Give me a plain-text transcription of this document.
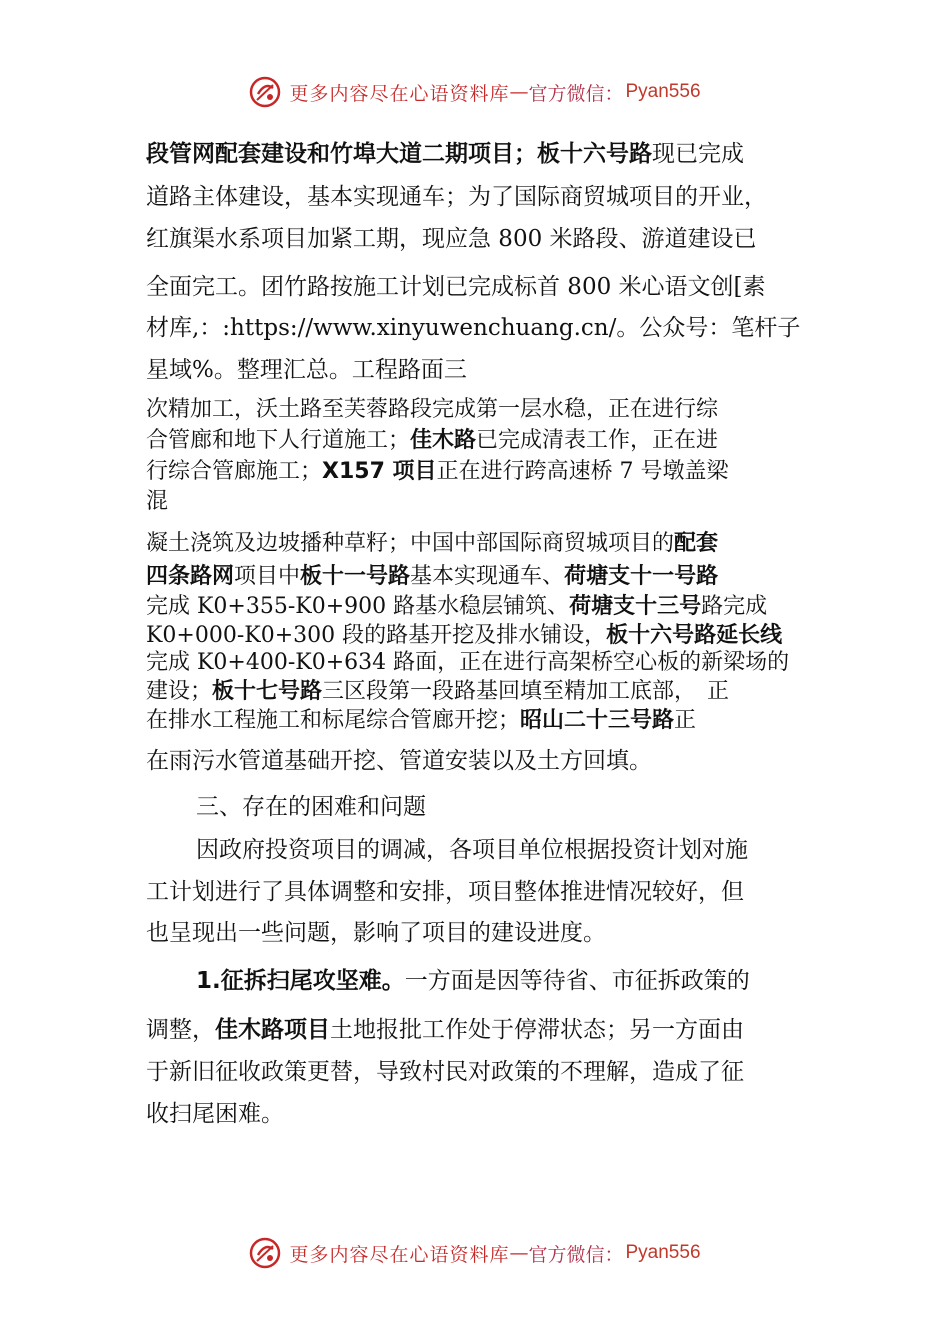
更多内容尽在心语资料库 — 官方微信： Pyan556
段管网配套建设和竹埠大道二期项目；板十六号路现已完成
道路主体建设，基本实现通车；为了国际商贸城项目的开业，
红旗渠水系项目加紧工期，现应急 800 米路段、游道建设已
全面完工。团竹路按施工计划已完成标首 800 米心语文创[素
材库,：:https://www.xinyuwenchuang.cn/。公众号：笔杆子
星域%。整理汇总。工程路面三
次精加工，沃土路至芙蓉路段完成第一层水稳，正在进行综
合管廊和地下人行道施工；佳木路已完成清表工作，正在进
行综合管廊施工；X157 项目正在进行跨高速桥 7 号墩盖梁
混
凝土浇筑及边坡播种草籽；中国中部国际商贸城项目的配套
四条路网项目中板十一号路基本实现通车、荷塘支十一号路
完成 K0+355-K0+900 路基水稳层铺筑、荷塘支十三号路完成
K0+000-K0+300 段的路基开挖及排水铺设，板十六号路延长线
完成 K0+400-K0+634 路面，正在进行高架桥空心板的新梁场的
建设；板十七号路三区段第一段路基回填至精加工底部，　正
在排水工程施工和标尾综合管廊开挖；昭山二十三号路正
在雨污水管道基础开挖、管道安装以及土方回填。
三、存在的困难和问题
因政府投资项目的调减，各项目单位根据投资计划对施
工计划进行了具体调整和安排，项目整体推进情况较好，但
也呈现出一些问题，影响了项目的建设进度。
1.征拆扫尾攻坚难。一方面是因等待省、市征拆政策的
调整，佳木路项目土地报批工作处于停滞状态；另一方面由
于新旧征收政策更替，导致村民对政策的不理解，造成了征
收扫尾困难。
更多内容尽在心语资料库 — 官方微信： Pyan556
